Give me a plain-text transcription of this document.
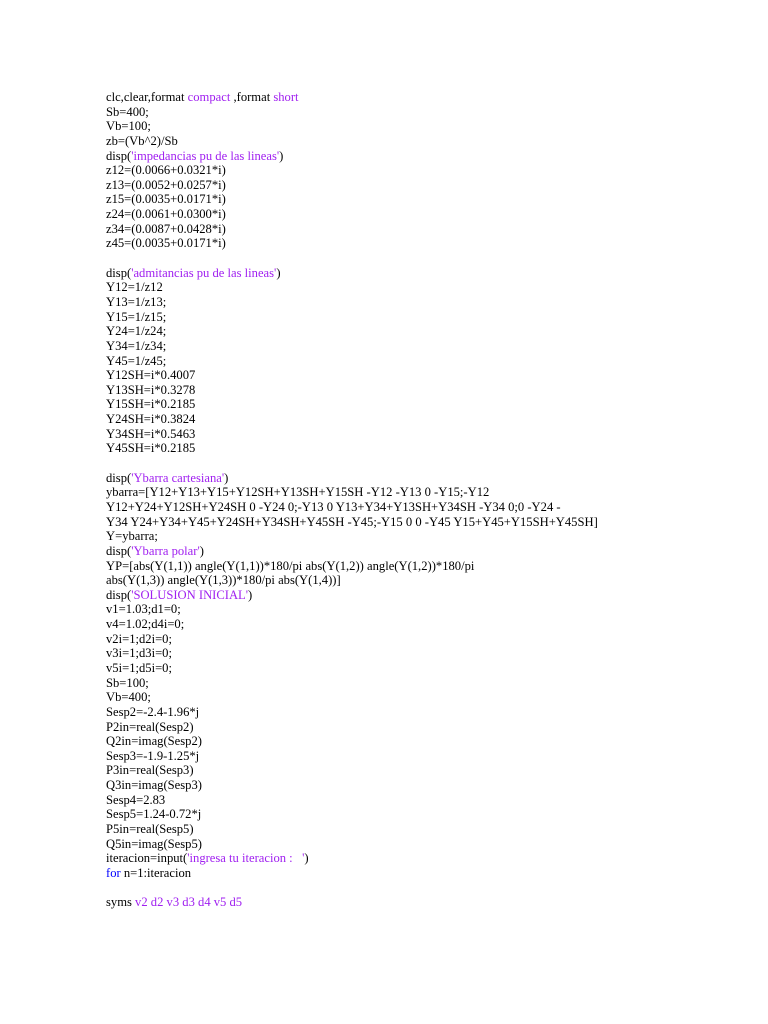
clc,clear,format compact ,format short
Sb=400;
Vb=100;
zb=(Vb^2)/Sb
disp('impedancias pu de las lineas')
z12=(0.0066+0.0321*i)
z13=(0.0052+0.0257*i)
z15=(0.0035+0.0171*i)
z24=(0.0061+0.0300*i)
z34=(0.0087+0.0428*i)
z45=(0.0035+0.0171*i)
disp('admitancias pu de las lineas')
Y12=1/z12
Y13=1/z13;
Y15=1/z15;
Y24=1/z24;
Y34=1/z34;
Y45=1/z45;
Y12SH=i*0.4007
Y13SH=i*0.3278
Y15SH=i*0.2185
Y24SH=i*0.3824
Y34SH=i*0.5463
Y45SH=i*0.2185
disp('Ybarra cartesiana')
ybarra=[Y12+Y13+Y15+Y12SH+Y13SH+Y15SH -Y12 -Y13 0 -Y15;-Y12
Y12+Y24+Y12SH+Y24SH 0 -Y24 0;-Y13 0 Y13+Y34+Y13SH+Y34SH -Y34 0;0 -Y24 -
Y34 Y24+Y34+Y45+Y24SH+Y34SH+Y45SH -Y45;-Y15 0 0 -Y45 Y15+Y45+Y15SH+Y45SH]
Y=ybarra;
disp('Ybarra polar')
YP=[abs(Y(1,1)) angle(Y(1,1))*180/pi abs(Y(1,2)) angle(Y(1,2))*180/pi
abs(Y(1,3)) angle(Y(1,3))*180/pi abs(Y(1,4))]
disp('SOLUSION INICIAL')
v1=1.03;d1=0;
v4=1.02;d4i=0;
v2i=1;d2i=0;
v3i=1;d3i=0;
v5i=1;d5i=0;
Sb=100;
Vb=400;
Sesp2=-2.4-1.96*j
P2in=real(Sesp2)
Q2in=imag(Sesp2)
Sesp3=-1.9-1.25*j
P3in=real(Sesp3)
Q3in=imag(Sesp3)
Sesp4=2.83
Sesp5=1.24-0.72*j
P5in=real(Sesp5)
Q5in=imag(Sesp5)
iteracion=input('ingresa tu iteracion :   ')
for n=1:iteracion
syms v2 d2 v3 d3 d4 v5 d5
